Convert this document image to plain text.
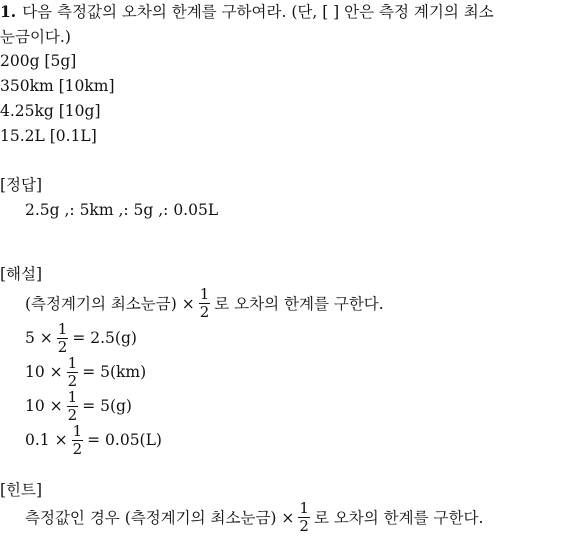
1. 다음 측정값의 오차의 한계를 구하여라. (단, [ ] 안은 측정 계기의 최소
눈금이다.)
200g [5g]
350km [10km]
4.25kg [10g]
15.2L [0.1L]
[정답]
2.5g ,: 5km ,: 5g ,: 0.05L
[해설]
(측정계기의 최소눈금) × $\frac{1}{2}$ 로 오차의 한계를 구한다.
$5 \times \frac{1}{2} = 2.5(g)$
$10 \times \frac{1}{2} = 5(km)$
$10 \times \frac{1}{2} = 5(g)$
$0.1 \times \frac{1}{2} = 0.05(L)$
[힌트]
측정값인 경우 (측정계기의 최소눈금) × $\frac{1}{2}$ 로 오차의 한계를 구한다.
